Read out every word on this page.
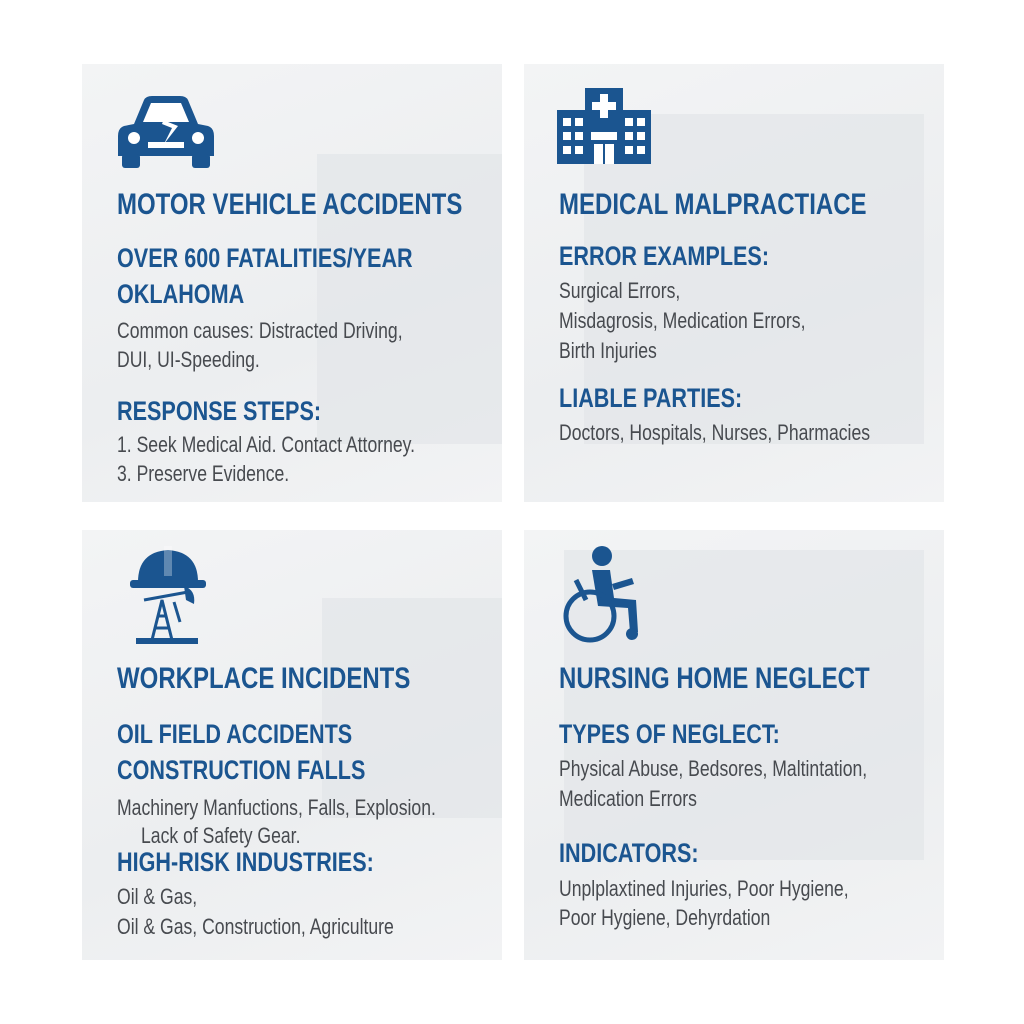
MOTOR VEHICLE ACCIDENTS
OVER 600 FATALITIES/YEAR
OKLAHOMA
Common causes: Distracted Driving,
DUI, UI-Speeding.
RESPONSE STEPS:
1. Seek Medical Aid. Contact Attorney.
3. Preserve Evidence.
MEDICAL MALPRACTIACE
ERROR EXAMPLES:
Surgical Errors,
Misdagrosis, Medication Errors,
Birth Injuries
LIABLE PARTIES:
Doctors, Hospitals, Nurses, Pharmacies
WORKPLACE INCIDENTS
OIL FIELD ACCIDENTS
CONSTRUCTION FALLS
Machinery Manfuctions, Falls, Explosion.
Lack of Safety Gear.
HIGH-RISK INDUSTRIES:
Oil & Gas,
Oil & Gas, Construction, Agriculture
NURSING HOME NEGLECT
TYPES OF NEGLECT:
Physical Abuse, Bedsores, Maltintation,
Medication Errors
INDICATORS:
Unplplaxtined Injuries, Poor Hygiene,
Poor Hygiene, Dehyrdation
